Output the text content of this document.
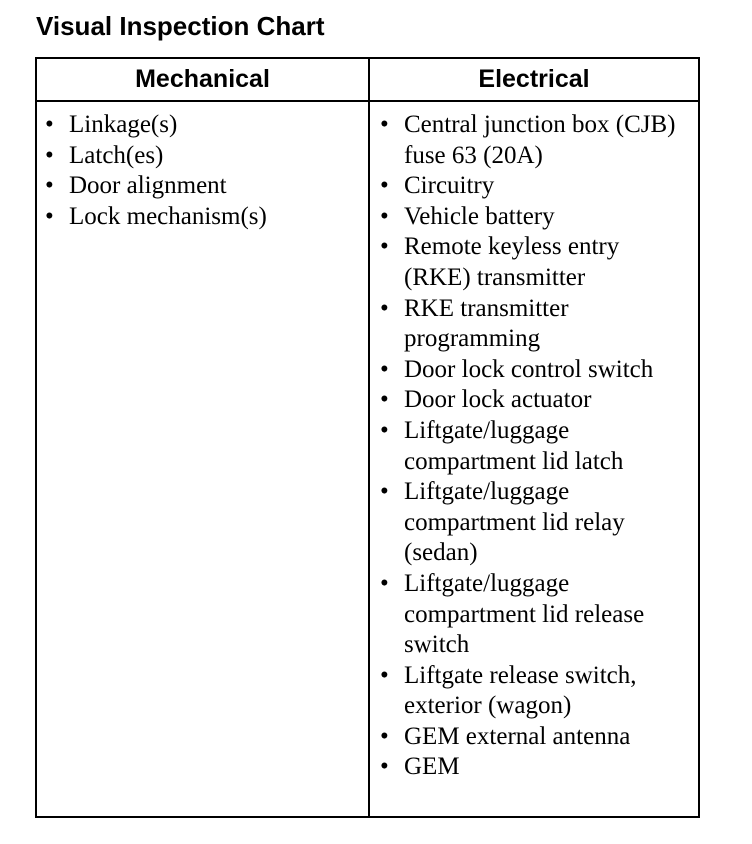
Visual Inspection Chart
Mechanical	Electrical
• Linkage(s)
• Latch(es)
• Door alignment
• Lock mechanism(s)
• Central junction box (CJB) fuse 63 (20A)
• Circuitry
• Vehicle battery
• Remote keyless entry (RKE) transmitter
• RKE transmitter programming
• Door lock control switch
• Door lock actuator
• Liftgate/luggage compartment lid latch
• Liftgate/luggage compartment lid relay (sedan)
• Liftgate/luggage compartment lid release switch
• Liftgate release switch, exterior (wagon)
• GEM external antenna
• GEM
